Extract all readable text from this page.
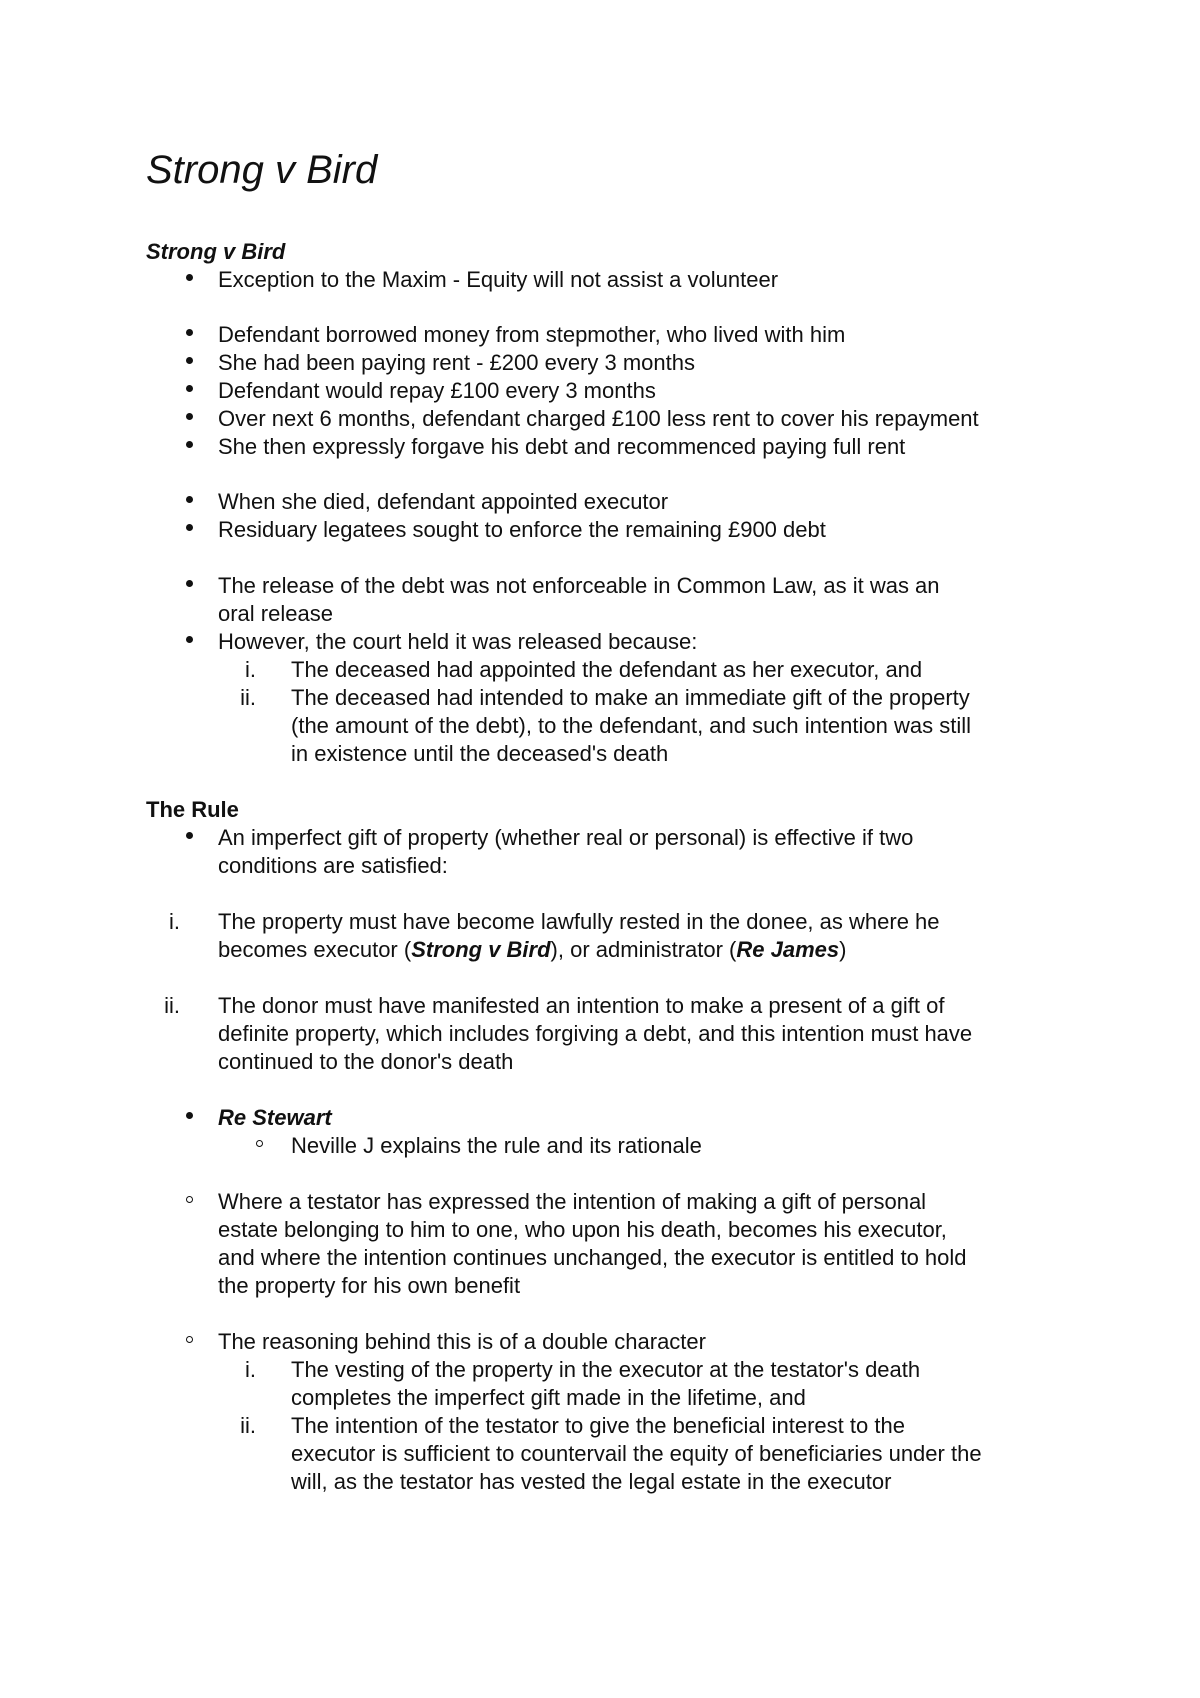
Strong v Bird
Strong v Bird
Exception to the Maxim - Equity will not assist a volunteer
Defendant borrowed money from stepmother, who lived with him
She had been paying rent - £200 every 3 months
Defendant would repay £100 every 3 months
Over next 6 months, defendant charged £100 less rent to cover his repayment
She then expressly forgave his debt and recommenced paying full rent
When she died, defendant appointed executor
Residuary legatees sought to enforce the remaining £900 debt
The release of the debt was not enforceable in Common Law, as it was an
oral release
However, the court held it was released because:
i. The deceased had appointed the defendant as her executor, and
ii. The deceased had intended to make an immediate gift of the property
(the amount of the debt), to the defendant, and such intention was still
in existence until the deceased's death
The Rule
An imperfect gift of property (whether real or personal) is effective if two
conditions are satisfied:
i. The property must have become lawfully rested in the donee, as where he
becomes executor (Strong v Bird), or administrator (Re James)
ii. The donor must have manifested an intention to make a present of a gift of
definite property, which includes forgiving a debt, and this intention must have
continued to the donor's death
Re Stewart
Neville J explains the rule and its rationale
Where a testator has expressed the intention of making a gift of personal
estate belonging to him to one, who upon his death, becomes his executor,
and where the intention continues unchanged, the executor is entitled to hold
the property for his own benefit
The reasoning behind this is of a double character
i. The vesting of the property in the executor at the testator's death
completes the imperfect gift made in the lifetime, and
ii. The intention of the testator to give the beneficial interest to the
executor is sufficient to countervail the equity of beneficiaries under the
will, as the testator has vested the legal estate in the executor
